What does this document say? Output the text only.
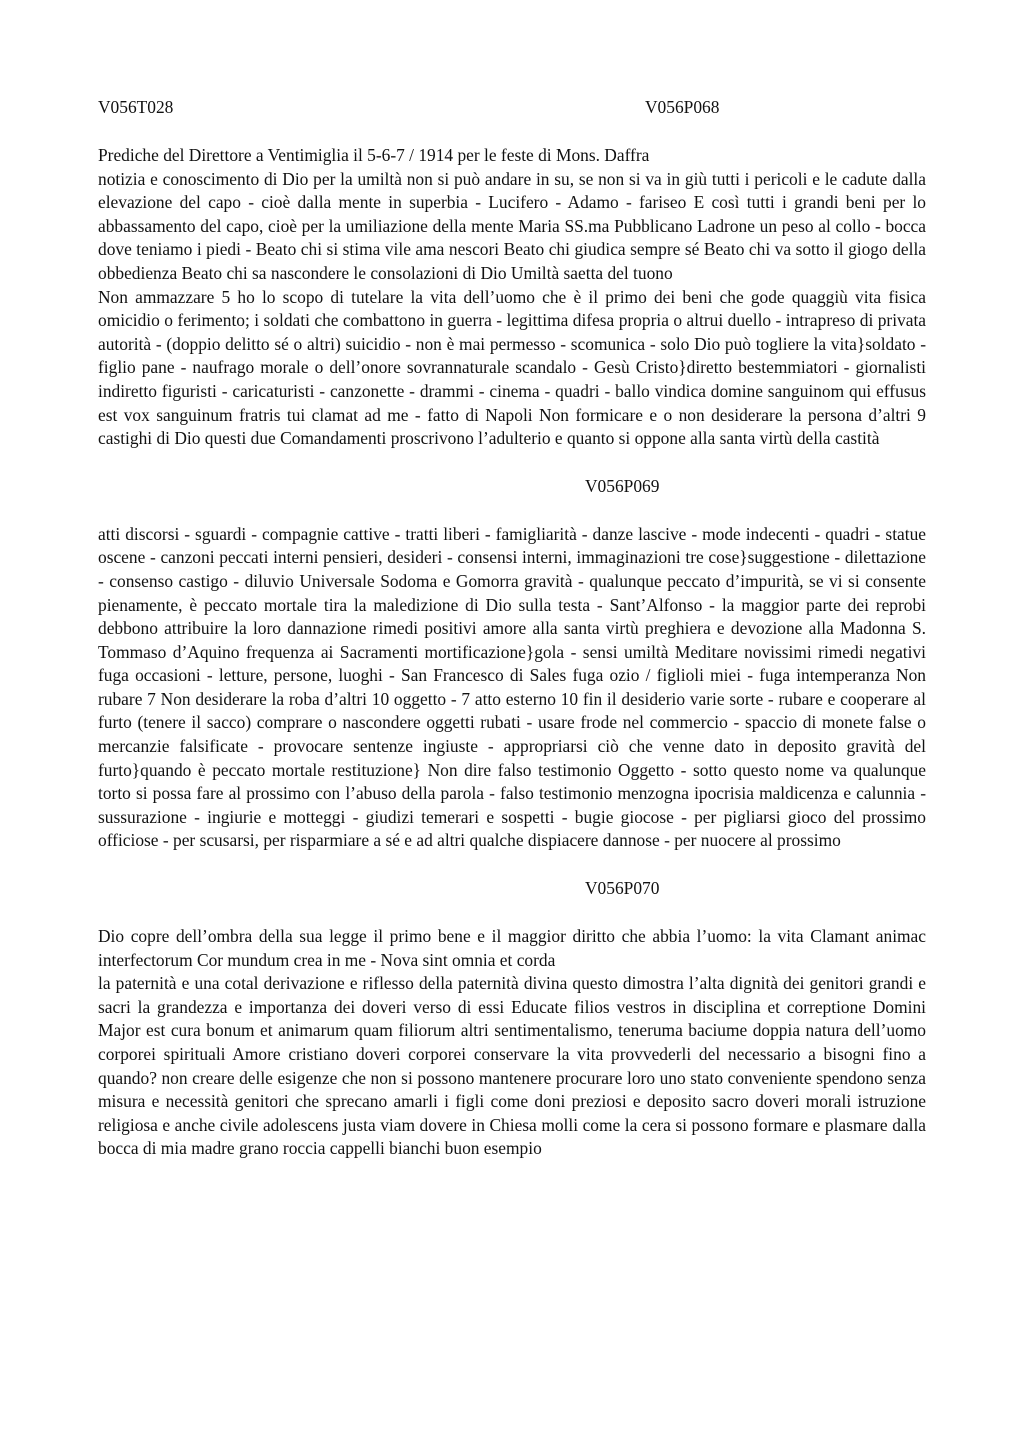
V056T028	V056P068

Prediche del Direttore a Ventimiglia il 5-6-7 / 1914 per le feste di Mons. Daffra

notizia e conoscimento di Dio per la umiltà non si può andare in su, se non si va in giù tutti i pericoli e le cadute dalla elevazione del capo - cioè dalla mente in superbia - Lucifero - Adamo - fariseo E così tutti i grandi beni per lo abbassamento del capo, cioè per la umiliazione della mente Maria SS.ma Pubblicano Ladrone un peso al collo - bocca dove teniamo i piedi - Beato chi si stima vile ama nescori Beato chi giudica sempre sé Beato chi va sotto il giogo della obbedienza Beato chi sa nascondere le consolazioni di Dio Umiltà saetta del tuono

Non ammazzare 5 ho lo scopo di tutelare la vita dell’uomo che è il primo dei beni che gode quaggiù vita fisica omicidio o ferimento; i soldati che combattono in guerra - legittima difesa propria o altrui duello - intrapreso di privata autorità - (doppio delitto sé o altri) suicidio - non è mai permesso - scomunica - solo Dio può togliere la vita}soldato - figlio pane - naufrago morale o dell’onore sovrannaturale scandalo - Gesù Cristo}diretto bestemmiatori - giornalisti indiretto figuristi - caricaturisti - canzonette - drammi - cinema - quadri - ballo vindica domine sanguinom qui effusus est vox sanguinum fratris tui clamat ad me - fatto di Napoli Non formicare e o non desiderare la persona d’altri 9 castighi di Dio questi due Comandamenti proscrivono l’adulterio e quanto si oppone alla santa virtù della castità

V056P069

atti discorsi - sguardi - compagnie cattive - tratti liberi - famigliarità - danze lascive - mode indecenti - quadri - statue oscene - canzoni peccati interni pensieri, desideri - consensi interni, immaginazioni tre cose}suggestione - dilettazione - consenso castigo - diluvio Universale Sodoma e Gomorra gravità - qualunque peccato d’impurità, se vi si consente pienamente, è peccato mortale tira la maledizione di Dio sulla testa - Sant’Alfonso - la maggior parte dei reprobi debbono attribuire la loro dannazione rimedi positivi amore alla santa virtù preghiera e devozione alla Madonna S. Tommaso d’Aquino frequenza ai Sacramenti mortificazione}gola - sensi umiltà Meditare novissimi rimedi negativi fuga occasioni - letture, persone, luoghi - San Francesco di Sales fuga ozio / figlioli miei - fuga intemperanza Non rubare 7 Non desiderare la roba d’altri 10 oggetto - 7 atto esterno 10 fin il desiderio varie sorte - rubare e cooperare al furto (tenere il sacco) comprare o nascondere oggetti rubati - usare frode nel commercio - spaccio di monete false o mercanzie falsificate - provocare sentenze ingiuste - appropriarsi ciò che venne dato in deposito gravità del furto}quando è peccato mortale restituzione} Non dire falso testimonio Oggetto - sotto questo nome va qualunque torto si possa fare al prossimo con l’abuso della parola - falso testimonio menzogna ipocrisia maldicenza e calunnia - sussurazione - ingiurie e motteggi - giudizi temerari e sospetti - bugie giocose - per pigliarsi gioco del prossimo officiose - per scusarsi, per risparmiare a sé e ad altri qualche dispiacere dannose - per nuocere al prossimo

V056P070

Dio copre dell’ombra della sua legge il primo bene e il maggior diritto che abbia l’uomo: la vita Clamant animac interfectorum Cor mundum crea in me - Nova sint omnia et corda

la paternità e una cotal derivazione e riflesso della paternità divina questo dimostra l’alta dignità dei genitori grandi e sacri la grandezza e importanza dei doveri verso di essi Educate filios vestros in disciplina et correptione Domini Major est cura bonum et animarum quam filiorum altri sentimentalismo, teneruma baciume doppia natura dell’uomo corporei spirituali Amore cristiano doveri corporei conservare la vita provvederli del necessario a bisogni fino a quando? non creare delle esigenze che non si possono mantenere procurare loro uno stato conveniente spendono senza misura e necessità genitori che sprecano amarli i figli come doni preziosi e deposito sacro doveri morali istruzione religiosa e anche civile adolescens justa viam dovere in Chiesa molli come la cera si possono formare e plasmare dalla bocca di mia madre grano roccia cappelli bianchi buon esempio
